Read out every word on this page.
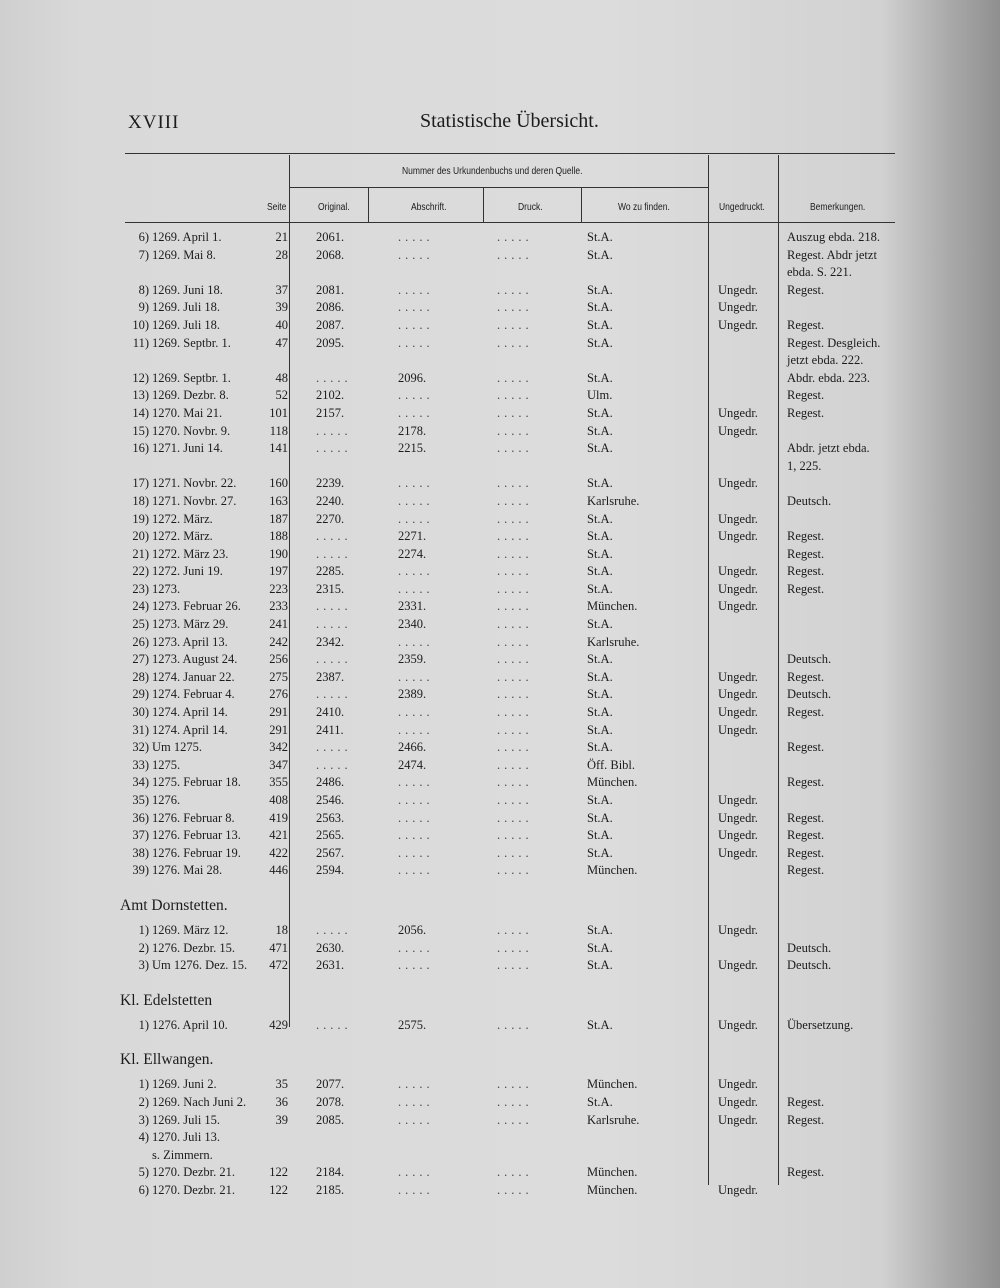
XVIII	Statistische Übersicht.
Nummer des Urkundenbuchs und deren Quelle.
Seite	Original.	Abschrift.	Druck.	Wo zu finden.	Ungedruckt.	Bemerkungen.
6) 1269. April 1.	21 2061.	.....	.....	St.A.	Auszug ebda. 218.
7) 1269. Mai 8.	28 2068.	.....	.....	St.A.	Regest. Abdr jetzt
ebda. S. 221.
8) 1269. Juni 18.	37 2081.	.....	.....	St.A.	Ungedr. Regest.
9) 1269. Juli 18.	39 2086.	.....	.....	St.A.	Ungedr.
10) 1269. Juli 18.	40 2087.	.....	.....	St.A.	Ungedr. Regest.
11) 1269. Septbr. 1.	47 2095.	.....	.....	St.A.	Regest. Desgleich.
jetzt ebda. 222.
12) 1269. Septbr. 1.	48 .....	2096.	.....	St.A.	Abdr. ebda. 223.
13) 1269. Dezbr. 8.	52 2102.	.....	.....	Ulm.	Regest.
14) 1270. Mai 21.	101 2157.	.....	.....	St.A.	Ungedr. Regest.
15) 1270. Novbr. 9.	118 .....	2178.	.....	St.A.	Ungedr.
16) 1271. Juni 14.	141 .....	2215.	.....	St.A.	Abdr. jetzt ebda.
1, 225.
17) 1271. Novbr. 22.	160 2239.	.....	.....	St.A.	Ungedr.
18) 1271. Novbr. 27.	163 2240.	.....	.....	Karlsruhe.	Deutsch.
19) 1272. März.	187 2270.	.....	.....	St.A.	Ungedr.
20) 1272. März.	188 .....	2271.	.....	St.A.	Ungedr. Regest.
21) 1272. März 23.	190 .....	2274.	.....	St.A.	Regest.
22) 1272. Juni 19.	197 2285.	.....	.....	St.A.	Ungedr. Regest.
23) 1273.	223 2315.	.....	.....	St.A.	Ungedr. Regest.
24) 1273. Februar 26.	233 .....	2331.	.....	München.	Ungedr.
25) 1273. März 29.	241 .....	2340.	.....	St.A.
26) 1273. April 13.	242 2342.	.....	.....	Karlsruhe.
27) 1273. August 24.	256 .....	2359.	.....	St.A.	Deutsch.
28) 1274. Januar 22.	275 2387.	.....	.....	St.A.	Ungedr. Regest.
29) 1274. Februar 4.	276 .....	2389.	.....	St.A.	Ungedr. Deutsch.
30) 1274. April 14.	291 2410.	.....	.....	St.A.	Ungedr. Regest.
31) 1274. April 14.	291 2411.	.....	.....	St.A.	Ungedr.
32) Um 1275.	342 .....	2466.	.....	St.A.	Regest.
33) 1275.	347 .....	2474.	.....	Öff. Bibl.
34) 1275. Februar 18.	355 2486.	.....	.....	München.	Regest.
35) 1276.	408 2546.	.....	.....	St.A.	Ungedr.
36) 1276. Februar 8.	419 2563.	.....	.....	St.A.	Ungedr. Regest.
37) 1276. Februar 13.	421 2565.	.....	.....	St.A.	Ungedr. Regest.
38) 1276. Februar 19.	422 2567.	.....	.....	St.A.	Ungedr. Regest.
39) 1276. Mai 28.	446 2594.	.....	.....	München.	Regest.
Amt Dornstetten.
1) 1269. März 12.	18 .....	2056.	.....	St.A.	Ungedr.
2) 1276. Dezbr. 15.	471 2630.	.....	.....	St.A.	Deutsch.
3) Um 1276. Dez. 15.	472 2631.	.....	.....	St.A.	Ungedr. Deutsch.
Kl. Edelstetten
1) 1276. April 10.	429 .....	2575.	.....	St.A.	Ungedr. Übersetzung.
Kl. Ellwangen.
1) 1269. Juni 2.	35 2077.	.....	.....	München.	Ungedr.
2) 1269. Nach Juni 2.	36 2078.	.....	.....	St.A.	Ungedr. Regest.
3) 1269. Juli 15.	39 2085.	.....	.....	Karlsruhe.	Ungedr. Regest.
4) 1270. Juli 13.
s. Zimmern.
5) 1270. Dezbr. 21.	122 2184.	.....	.....	München.	Regest.
6) 1270. Dezbr. 21.	122 2185.	.....	.....	München.	Ungedr.
